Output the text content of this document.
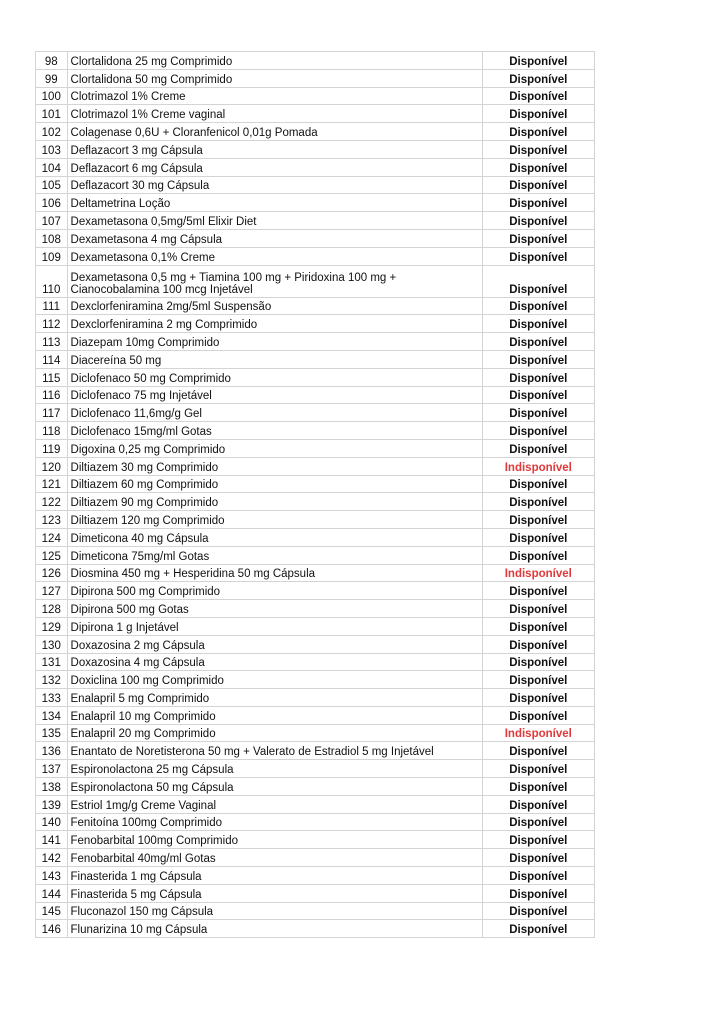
98	Clortalidona 25 mg Comprimido	Disponível
99	Clortalidona 50 mg Comprimido	Disponível
100	Clotrimazol 1% Creme	Disponível
101	Clotrimazol 1% Creme vaginal	Disponível
102	Colagenase 0,6U + Cloranfenicol 0,01g Pomada	Disponível
103	Deflazacort 3 mg Cápsula	Disponível
104	Deflazacort 6 mg Cápsula	Disponível
105	Deflazacort 30 mg Cápsula	Disponível
106	Deltametrina Loção	Disponível
107	Dexametasona 0,5mg/5ml Elixir Diet	Disponível
108	Dexametasona 4 mg Cápsula	Disponível
109	Dexametasona 0,1% Creme	Disponível
110	Dexametasona 0,5 mg + Tiamina 100 mg + Piridoxina 100 mg + Cianocobalamina 100 mcg Injetável	Disponível
111	Dexclorfeniramina 2mg/5ml Suspensão	Disponível
112	Dexclorfeniramina 2 mg Comprimido	Disponível
113	Diazepam 10mg Comprimido	Disponível
114	Diacereína 50 mg	Disponível
115	Diclofenaco 50 mg Comprimido	Disponível
116	Diclofenaco 75 mg Injetável	Disponível
117	Diclofenaco 11,6mg/g Gel	Disponível
118	Diclofenaco 15mg/ml Gotas	Disponível
119	Digoxina 0,25 mg Comprimido	Disponível
120	Diltiazem 30 mg Comprimido	Indisponível
121	Diltiazem 60 mg Comprimido	Disponível
122	Diltiazem 90 mg Comprimido	Disponível
123	Diltiazem 120 mg Comprimido	Disponível
124	Dimeticona 40 mg Cápsula	Disponível
125	Dimeticona 75mg/ml Gotas	Disponível
126	Diosmina 450 mg + Hesperidina 50 mg Cápsula	Indisponível
127	Dipirona 500 mg Comprimido	Disponível
128	Dipirona 500 mg Gotas	Disponível
129	Dipirona 1 g Injetável	Disponível
130	Doxazosina 2 mg Cápsula	Disponível
131	Doxazosina 4 mg Cápsula	Disponível
132	Doxiclina 100 mg Comprimido	Disponível
133	Enalapril 5 mg Comprimido	Disponível
134	Enalapril 10 mg Comprimido	Disponível
135	Enalapril 20 mg Comprimido	Indisponível
136	Enantato de Noretisterona 50 mg + Valerato de Estradiol 5 mg Injetável	Disponível
137	Espironolactona 25 mg Cápsula	Disponível
138	Espironolactona 50 mg Cápsula	Disponível
139	Estriol 1mg/g Creme Vaginal	Disponível
140	Fenitoína 100mg Comprimido	Disponível
141	Fenobarbital 100mg Comprimido	Disponível
142	Fenobarbital 40mg/ml Gotas	Disponível
143	Finasterida 1 mg Cápsula	Disponível
144	Finasterida 5 mg Cápsula	Disponível
145	Fluconazol 150 mg Cápsula	Disponível
146	Flunarizina 10 mg Cápsula	Disponível
